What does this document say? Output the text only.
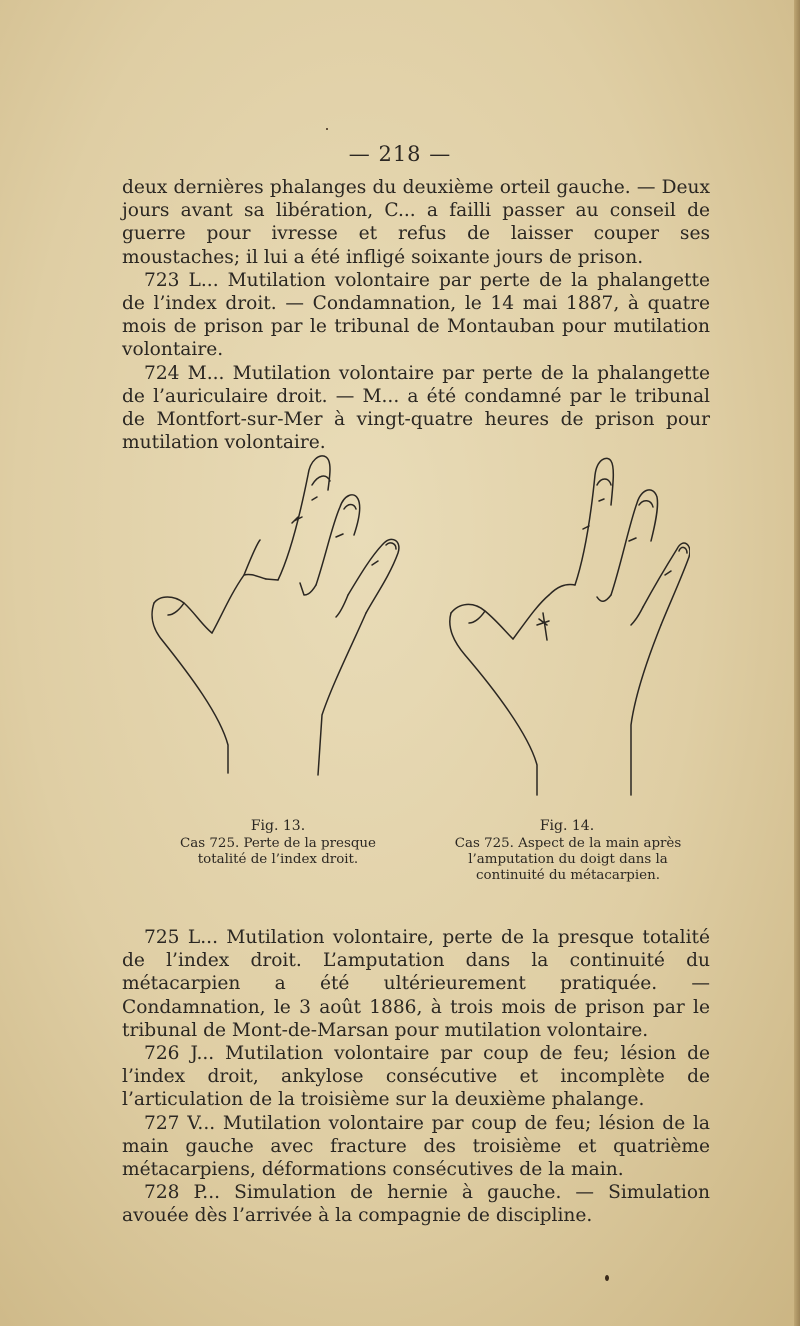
— 218 —

deux dernières phalanges du deuxième orteil gauche. — Deux jours avant sa libération, C... a failli passer au conseil de guerre pour ivresse et refus de laisser couper ses moustaches; il lui a été infligé soixante jours de prison.

723 L... Mutilation volontaire par perte de la phalangette de l’index droit. — Condamnation, le 14 mai 1887, à quatre mois de prison par le tribunal de Montauban pour mutilation volontaire.

724 M... Mutilation volontaire par perte de la phalangette de l’auriculaire droit. — M... a été condamné par le tribunal de Montfort-sur-Mer à vingt-quatre heures de prison pour mutilation volontaire.

Fig. 13.	Fig. 14.
Cas 725. Perte de la presque
totalité de l’index droit.
Cas 725. Aspect de la main après
l’amputation du doigt dans la
continuité du métacarpien.

725 L... Mutilation volontaire, perte de la presque totalité de l’index droit. L’amputation dans la continuité du métacarpien a été ultérieurement pratiquée. — Condamnation, le 3 août 1886, à trois mois de prison par le tribunal de Mont-de-Marsan pour mutilation volontaire.

726 J... Mutilation volontaire par coup de feu; lésion de l’index droit, ankylose consécutive et incomplète de l’articulation de la troisième sur la deuxième phalange.

727 V... Mutilation volontaire par coup de feu; lésion de la main gauche avec fracture des troisième et quatrième métacarpiens, déformations consécutives de la main.

728 P... Simulation de hernie à gauche. — Simulation avouée dès l’arrivée à la compagnie de discipline.
